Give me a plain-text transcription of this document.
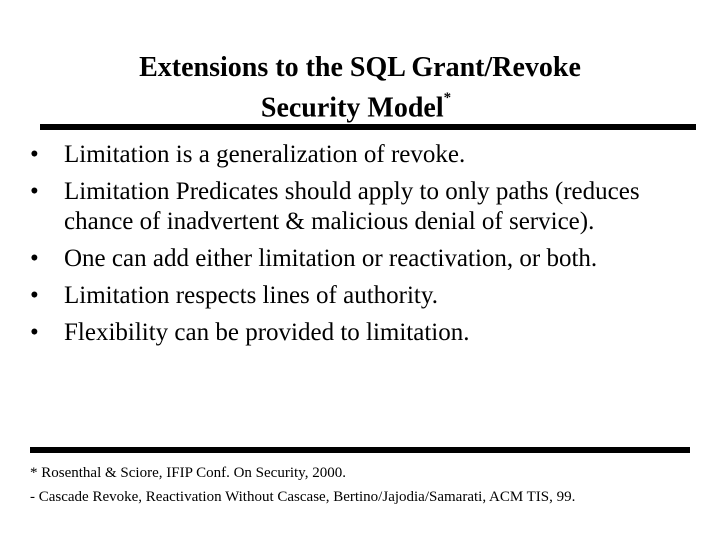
Extensions to the SQL Grant/Revoke
Security Model*
•	Limitation is a generalization of revoke.
•	Limitation Predicates should apply to only paths (reduces chance of inadvertent & malicious denial of service).
•	One can add either limitation or reactivation, or both.
•	Limitation respects lines of authority.
•	Flexibility can be provided to limitation.
* Rosenthal & Sciore, IFIP Conf. On Security, 2000.
- Cascade Revoke, Reactivation Without Cascase, Bertino/Jajodia/Samarati, ACM TIS, 99.
